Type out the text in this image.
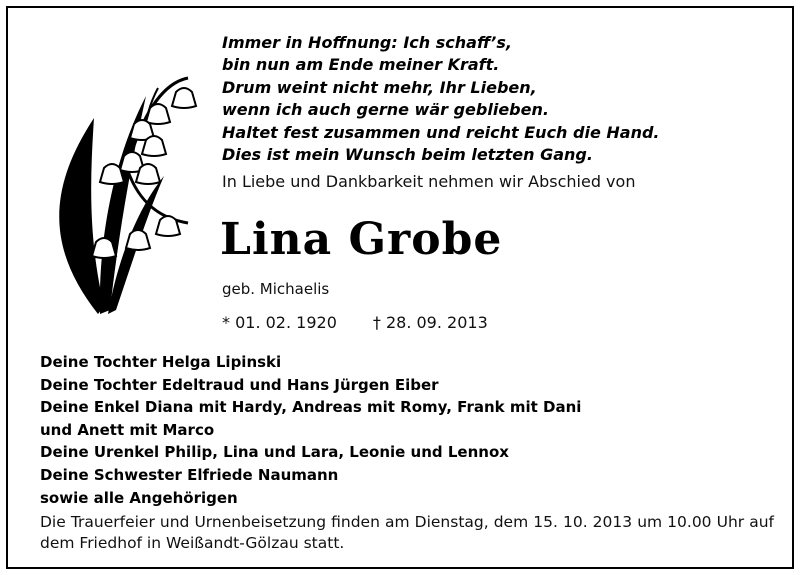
Immer in Hoffnung: Ich schaff’s,
bin nun am Ende meiner Kraft.
Drum weint nicht mehr, Ihr Lieben,
wenn ich auch gerne wär geblieben.
Haltet fest zusammen und reicht Euch die Hand.
Dies ist mein Wunsch beim letzten Gang.
In Liebe und Dankbarkeit nehmen wir Abschied von
Lina Grobe
geb. Michaelis
* 01. 02. 1920 † 28. 09. 2013
Deine Tochter Helga Lipinski
Deine Tochter Edeltraud und Hans Jürgen Eiber
Deine Enkel Diana mit Hardy, Andreas mit Romy, Frank mit Dani
und Anett mit Marco
Deine Urenkel Philip, Lina und Lara, Leonie und Lennox
Deine Schwester Elfriede Naumann
sowie alle Angehörigen
Die Trauerfeier und Urnenbeisetzung finden am Dienstag, dem 15. 10. 2013 um 10.00 Uhr auf dem Friedhof in Weißandt-Gölzau statt.
